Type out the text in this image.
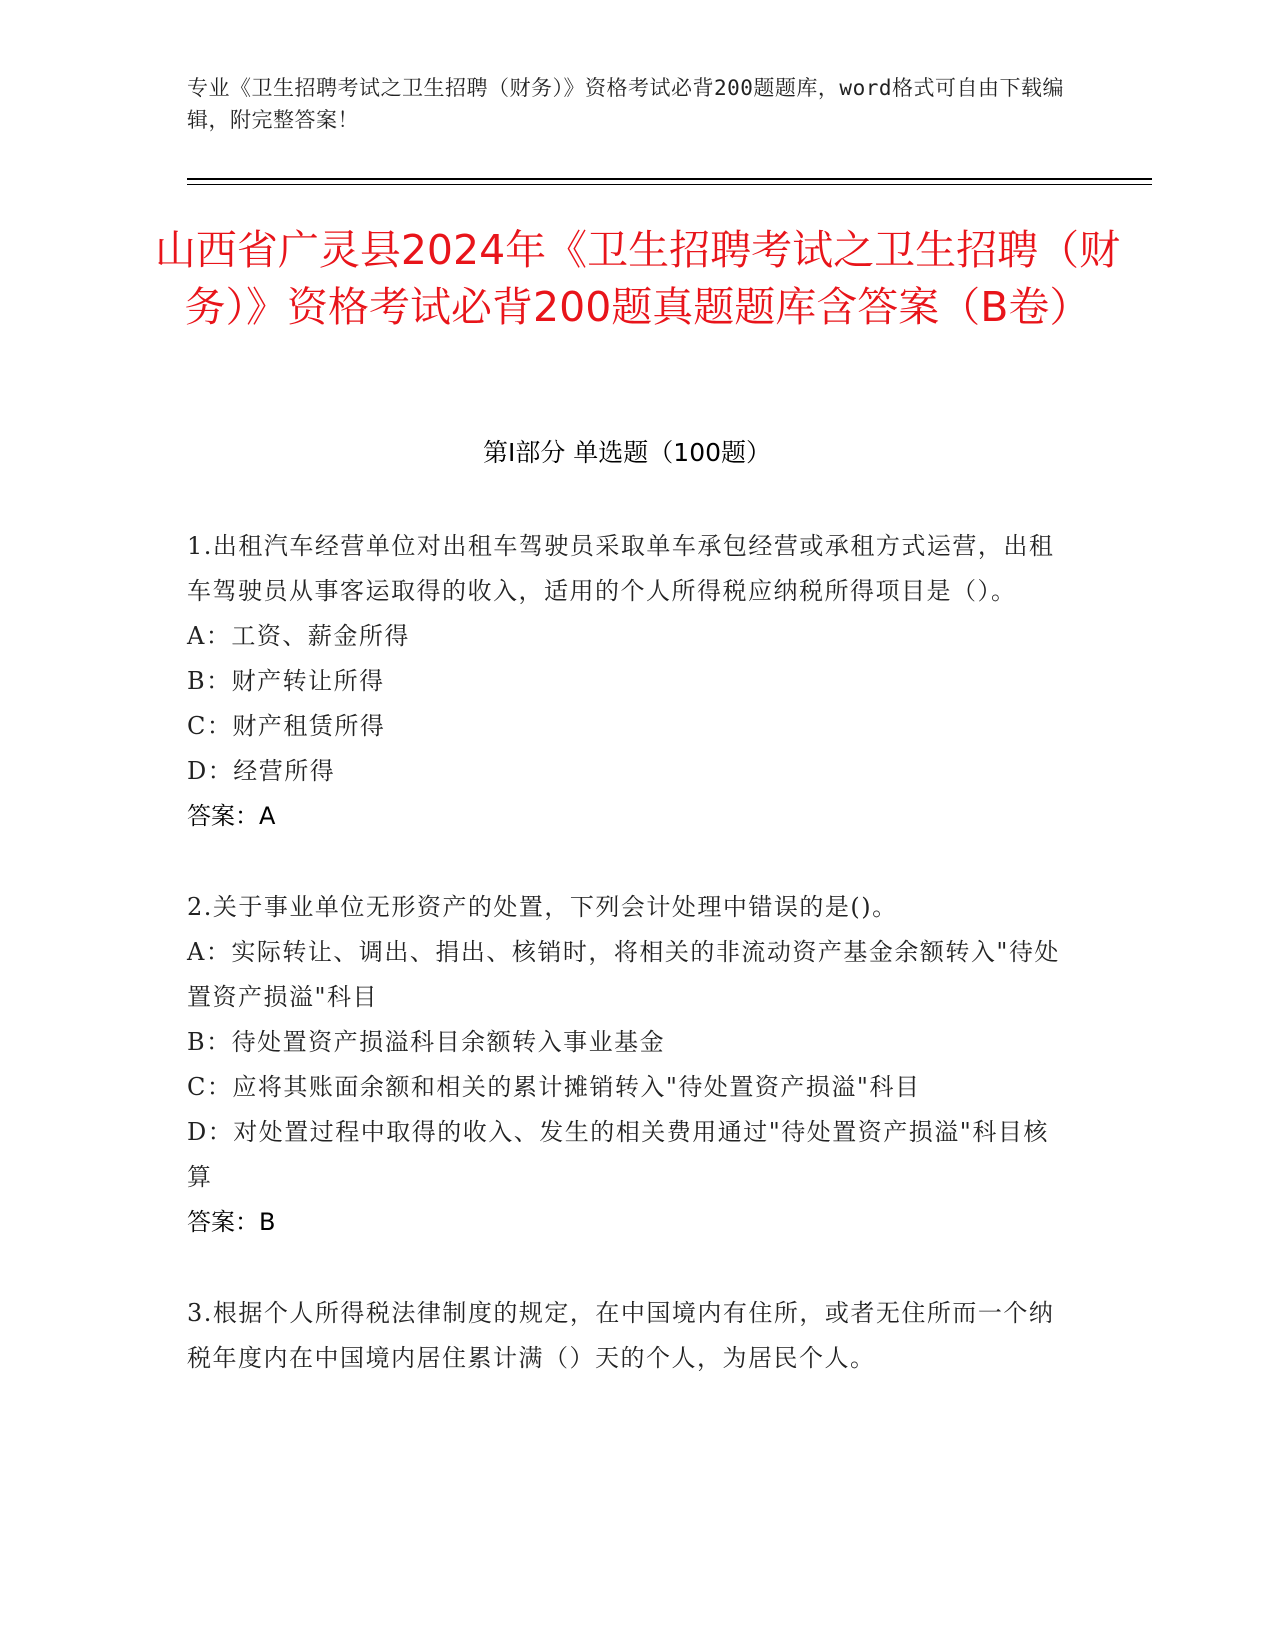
专业《卫生招聘考试之卫生招聘（财务）》资格考试必背200题题库，word格式可自由下载编辑，附完整答案！
山西省广灵县2024年《卫生招聘考试之卫生招聘（财务）》资格考试必背200题真题题库含答案（B卷）
第Ⅰ部分 单选题（100题）

1.出租汽车经营单位对出租车驾驶员采取单车承包经营或承租方式运营，出租车驾驶员从事客运取得的收入，适用的个人所得税应纳税所得项目是（）。

A：工资、薪金所得

B：财产转让所得

C：财产租赁所得

D：经营所得

答案：A

2.关于事业单位无形资产的处置，下列会计处理中错误的是()。

A：实际转让、调出、捐出、核销时，将相关的非流动资产基金余额转入"待处置资产损溢"科目

B：待处置资产损溢科目余额转入事业基金

C：应将其账面余额和相关的累计摊销转入"待处置资产损溢"科目

D：对处置过程中取得的收入、发生的相关费用通过"待处置资产损溢"科目核算

答案：B

3.根据个人所得税法律制度的规定，在中国境内有住所，或者无住所而一个纳税年度内在中国境内居住累计满（）天的个人，为居民个人。
